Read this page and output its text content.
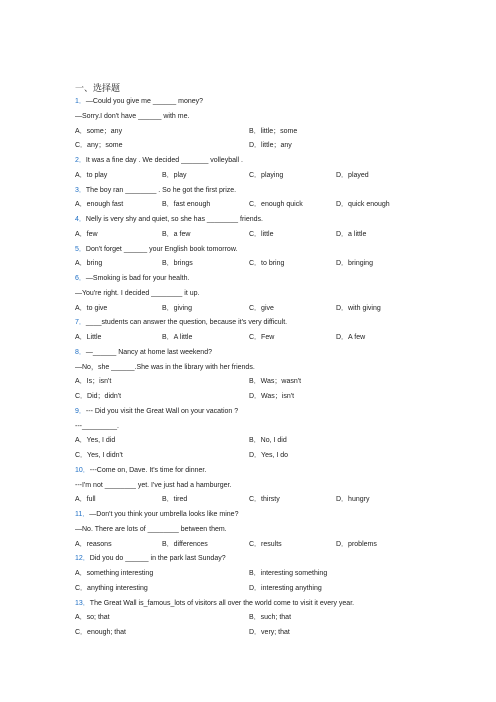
一、选择题
1．—Could you give me ______ money?
—Sorry.I don't have ______ with me.
A．some；any	B．little；some
C．any；some	D．little；any
2．It was a fine day . We decided _______ volleyball .
A．to play	B．play	C．playing	D．played
3．The boy ran ________ . So he got the first prize.
A．enough fast	B．fast enough	C．enough quick	D．quick enough
4．Nelly is very shy and quiet, so she has ________ friends.
A．few	B．a few	C．little	D．a little
5．Don't forget ______ your English book tomorrow.
A．bring	B．brings	C．to bring	D．bringing
6．—Smoking is bad for your health.
—You're right. I decided ________ it up.
A．to give	B．giving	C．give	D．with giving
7．____students can answer the question, because it's very difficult.
A．Little	B．A little	C．Few	D．A few
8．—______ Nancy at home last weekend?
—No，she ______.She was in the library with her friends.
A．Is；isn't	B．Was；wasn't
C．Did；didn't	D．Was；isn't
9．--- Did you visit the Great Wall on your vacation ?
---_________.
A．Yes, I did	B．No, I did
C．Yes, I didn't	D．Yes, I do
10．---Come on, Dave. It's time for dinner.
---I'm not ________ yet. I've just had a hamburger.
A．full	B．tired	C．thirsty	D．hungry
11．—Don't you think your umbrella looks like mine?
—No. There are lots of ________ between them.
A．reasons	B．differences	C．results	D．problems
12．Did you do ______ in the park last Sunday?
A．something interesting	B．interesting something
C．anything interesting	D．interesting anything
13．The Great Wall is_famous_lots of visitors all over the world come to visit it every year.
A．so; that	B．such; that
C．enough; that	D．very; that
